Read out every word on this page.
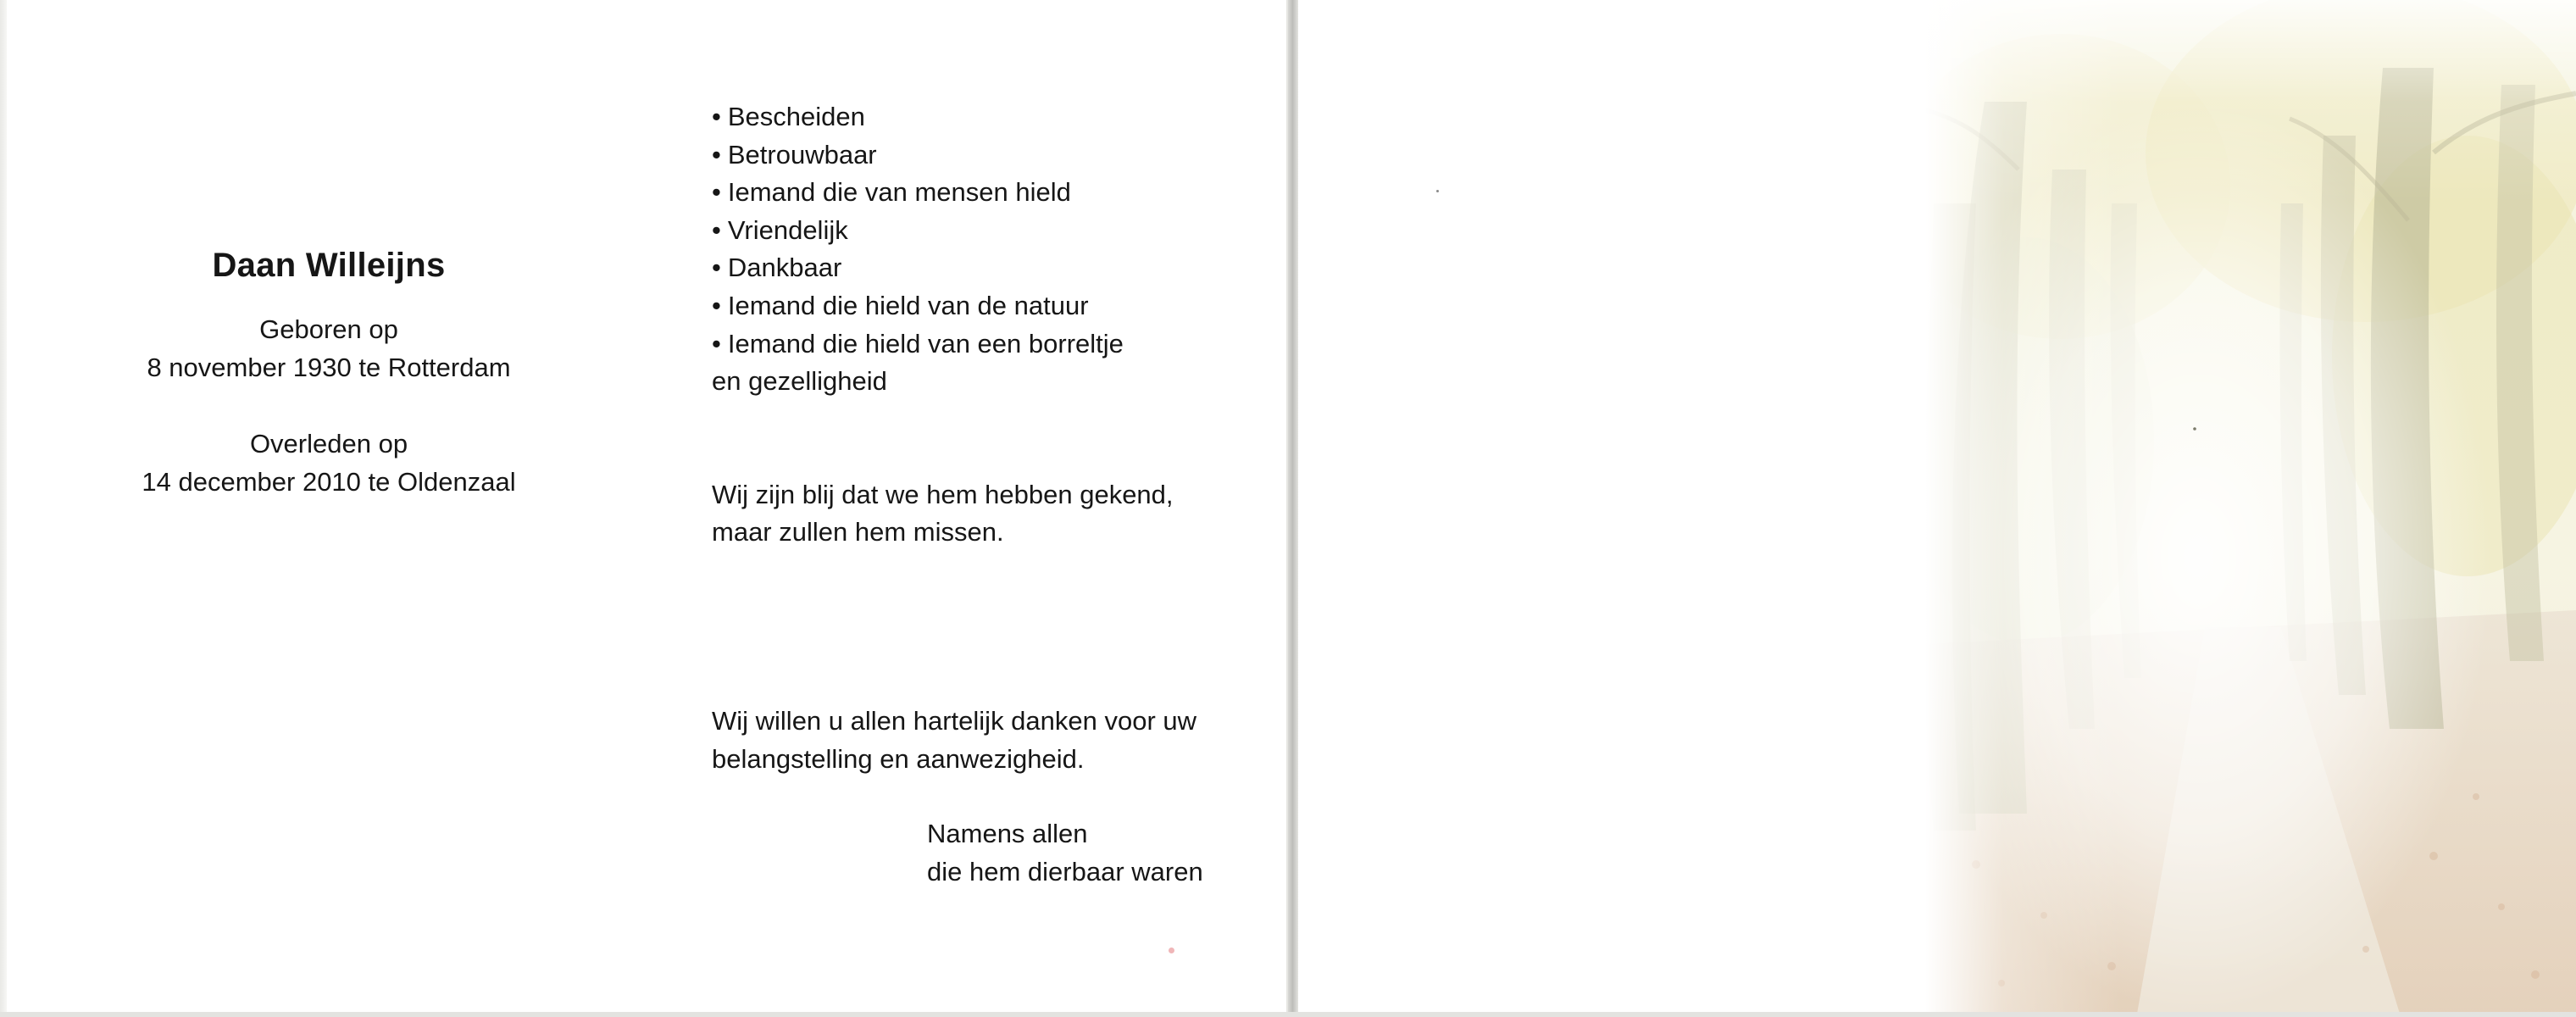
Daan Willeijns
Geboren op
8 november 1930 te Rotterdam
Overleden op
14 december 2010 te Oldenzaal
• Bescheiden
• Betrouwbaar
• Iemand die van mensen hield
• Vriendelijk
• Dankbaar
• Iemand die hield van de natuur
• Iemand die hield van een borreltje
en gezelligheid
Wij zijn blij dat we hem hebben gekend,
maar zullen hem missen.
Wij willen u allen hartelijk danken voor uw
belangstelling en aanwezigheid.
Namens allen
die hem dierbaar waren
